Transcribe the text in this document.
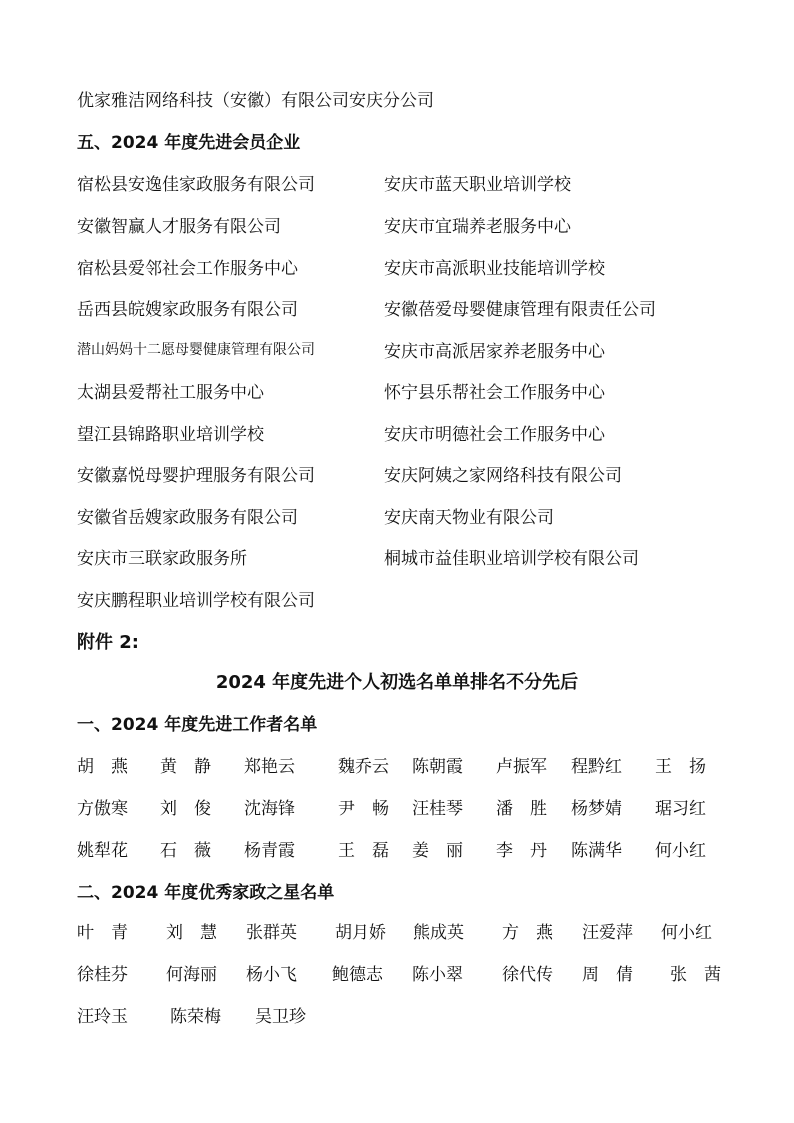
优家雅洁网络科技（安徽）有限公司安庆分公司
五、2024 年度先进会员企业
宿松县安逸佳家政服务有限公司	安庆市蓝天职业培训学校
安徽智赢人才服务有限公司	安庆市宜瑞养老服务中心
宿松县爱邻社会工作服务中心	安庆市高派职业技能培训学校
岳西县皖嫂家政服务有限公司	安徽蓓爱母婴健康管理有限责任公司
潜山妈妈十二愿母婴健康管理有限公司	安庆市高派居家养老服务中心
太湖县爱帮社工服务中心	怀宁县乐帮社会工作服务中心
望江县锦路职业培训学校	安庆市明德社会工作服务中心
安徽嘉悦母婴护理服务有限公司	安庆阿姨之家网络科技有限公司
安徽省岳嫂家政服务有限公司	安庆南天物业有限公司
安庆市三联家政服务所	桐城市益佳职业培训学校有限公司
安庆鹏程职业培训学校有限公司
附件 2:
2024 年度先进个人初选名单单排名不分先后
一、2024 年度先进工作者名单
胡　燕 黄　静 郑艳云	魏乔云 陈朝霞 卢振军 程黔红 王　扬
方傲寒 刘　俊 沈海锋	尹　畅 汪桂琴 潘　胜 杨梦婧 琚习红
姚犁花 石　薇 杨青霞	王　磊 姜　丽 李　丹 陈满华 何小红
二、2024 年度优秀家政之星名单
叶　青 刘　慧 张群英 胡月娇 熊成英 方　燕 汪爱萍 何小红
徐桂芬 何海丽 杨小飞 鲍德志 陈小翠 徐代传 周　倩 张　茜
汪玲玉 陈荣梅 吴卫珍
